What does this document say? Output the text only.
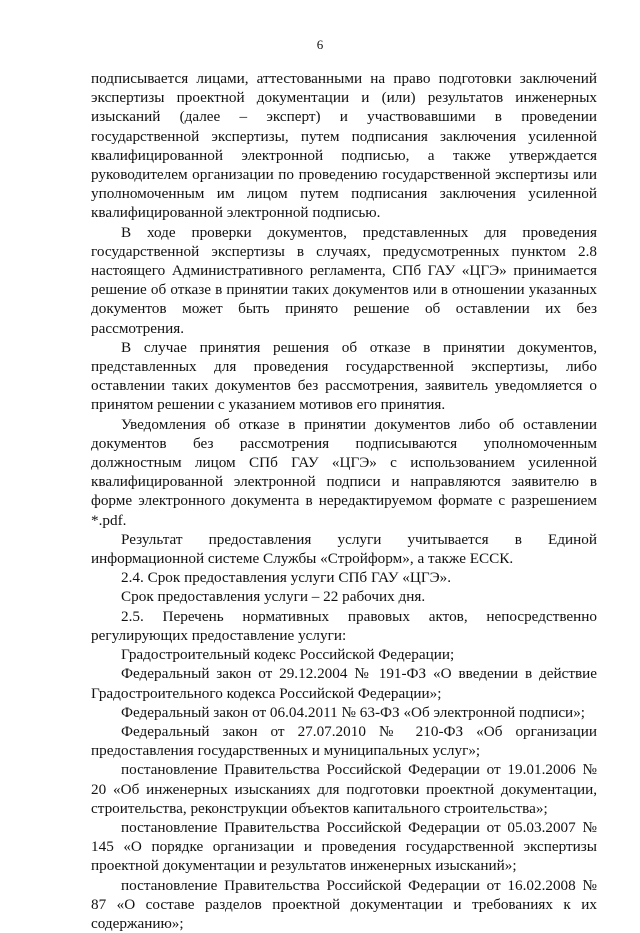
6

подписывается лицами, аттестованными на право подготовки заключений экспертизы проектной документации и (или) результатов инженерных изысканий (далее – эксперт) и участвовавшими в проведении государственной экспертизы, путем подписания заключения усиленной квалифицированной электронной подписью, а также утверждается руководителем организации по проведению государственной экспертизы или уполномоченным им лицом путем подписания заключения усиленной квалифицированной электронной подписью.

В ходе проверки документов, представленных для проведения государственной экспертизы в случаях, предусмотренных пунктом 2.8 настоящего Административного регламента, СПб ГАУ «ЦГЭ» принимается решение об отказе в принятии таких документов или в отношении указанных документов может быть принято решение об оставлении их без рассмотрения.

В случае принятия решения об отказе в принятии документов, представленных для проведения государственной экспертизы, либо оставлении таких документов без рассмотрения, заявитель уведомляется о принятом решении с указанием мотивов его принятия.

Уведомления об отказе в принятии документов либо об оставлении документов без рассмотрения подписываются уполномоченным должностным лицом СПб ГАУ «ЦГЭ» с использованием усиленной квалифицированной электронной подписи и направляются заявителю в форме электронного документа в нередактируемом формате с разрешением *.pdf.

Результат предоставления услуги учитывается в Единой информационной системе Службы «Стройформ», а также ЕССК.

2.4. Срок предоставления услуги СПб ГАУ «ЦГЭ».

Срок предоставления услуги – 22 рабочих дня.

2.5. Перечень нормативных правовых актов, непосредственно регулирующих предоставление услуги:

Градостроительный кодекс Российской Федерации;

Федеральный закон от 29.12.2004 № 191-ФЗ «О введении в действие Градостроительного кодекса Российской Федерации»;

Федеральный закон от 06.04.2011 № 63-ФЗ «Об электронной подписи»;

Федеральный закон от 27.07.2010 № 210-ФЗ «Об организации предоставления государственных и муниципальных услуг»;

постановление Правительства Российской Федерации от 19.01.2006 № 20 «Об инженерных изысканиях для подготовки проектной документации, строительства, реконструкции объектов капитального строительства»;

постановление Правительства Российской Федерации от 05.03.2007 № 145 «О порядке организации и проведения государственной экспертизы проектной документации и результатов инженерных изысканий»;

постановление Правительства Российской Федерации от 16.02.2008 № 87 «О составе разделов проектной документации и требованиях к их содержанию»;
